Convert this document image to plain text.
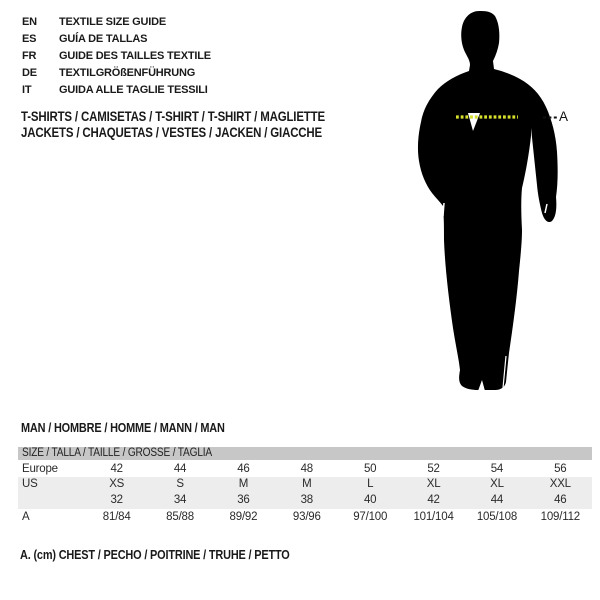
EN TEXTILE SIZE GUIDE
ES GUÍA DE TALLAS
FR GUIDE DES TAILLES TEXTILE
DE TEXTILGRÖßENFÜHRUNG
IT	GUIDA ALLE TAGLIE TESSILI
T-SHIRTS / CAMISETAS / T-SHIRT / T-SHIRT / MAGLIETTE
JACKETS / CHAQUETAS / VESTES / JACKEN / GIACCHE
A
MAN / HOMBRE / HOMME / MANN / MAN
SIZE / TALLA / TAILLE / GRÖSSE / TAGLIA								
Europe	42	44	46	48	50	52	54	56
US	XS	S	M	M	L	XL	XL	XXL
	32	34	36	38	40	42	44	46
A	81/84	85/88	89/92	93/96	97/100	101/104	105/108	109/112
A. (cm) CHEST / PECHO / POITRINE / TRUHE / PETTO
